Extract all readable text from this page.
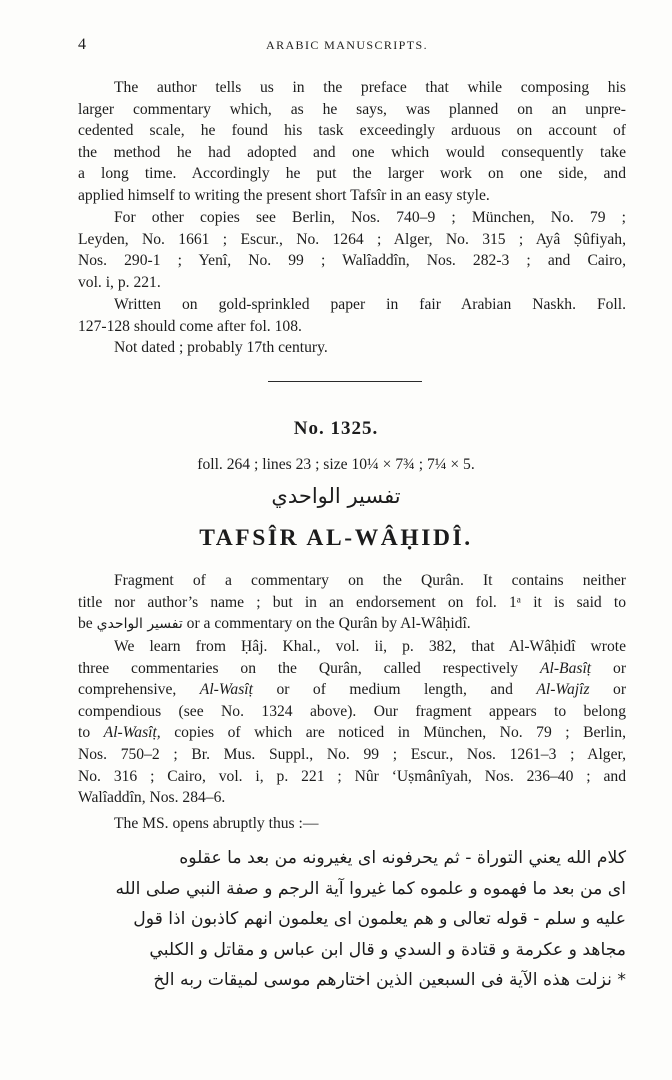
4	ARABIC MANUSCRIPTS.
The author tells us in the preface that while composing his
larger commentary which, as he says, was planned on an unpre-
cedented scale, he found his task exceedingly arduous on account of
the method he had adopted and one which would consequently take
a long time. Accordingly he put the larger work on one side, and
applied himself to writing the present short Tafsîr in an easy style.
For other copies see Berlin, Nos. 740–9 ; München, No. 79 ;
Leyden, No. 1661 ; Escur., No. 1264 ; Alger, No. 315 ; Ayâ Ṣûfiyah,
Nos. 290-1 ; Yenî, No. 99 ; Walîaddîn, Nos. 282-3 ; and Cairo,
vol. i, p. 221.
Written on gold-sprinkled paper in fair Arabian Naskh. Foll.
127-128 should come after fol. 108.
Not dated ; probably 17th century.
No. 1325.
foll. 264 ; lines 23 ; size 10¼ × 7¾ ; 7¼ × 5.
تفسير الواحدي
TAFSÎR AL-WÂḤIDÎ.
Fragment of a commentary on the Qurân. It contains neither
title nor author’s name ; but in an endorsement on fol. 1ᵃ it is said to
be تفسير الواحدي or a commentary on the Qurân by Al-Wâḥidî.
We learn from Ḥâj. Khal., vol. ii, p. 382, that Al-Wâḥidî wrote
three commentaries on the Qurân, called respectively Al-Basîṭ or
comprehensive, Al-Wasîṭ or of medium length, and Al-Wajîz or
compendious (see No. 1324 above). Our fragment appears to belong
to Al-Wasîṭ, copies of which are noticed in München, No. 79 ; Berlin,
Nos. 750–2 ; Br. Mus. Suppl., No. 99 ; Escur., Nos. 1261–3 ; Alger,
No. 316 ; Cairo, vol. i, p. 221 ; Nûr ‘Uṣmânîyah, Nos. 236–40 ; and
Walîaddîn, Nos. 284–6.
The MS. opens abruptly thus :—
كلام الله يعني التوراة - ثم يحرفونه اى يغيرونه من بعد ما عقلوه
اى من بعد ما فهموه و علموه كما غيروا آية الرجم و صفة النبي صلى الله
عليه و سلم - قوله تعالى و هم يعلمون اى يعلمون انهم كاذبون اذا قول
مجاهد و عكرمة و قتادة و السدي و قال ابن عباس و مقاتل و الكلبي
* نزلت هذه الآية فى السبعين الذين اختارهم موسى لميقات ربه الخ
